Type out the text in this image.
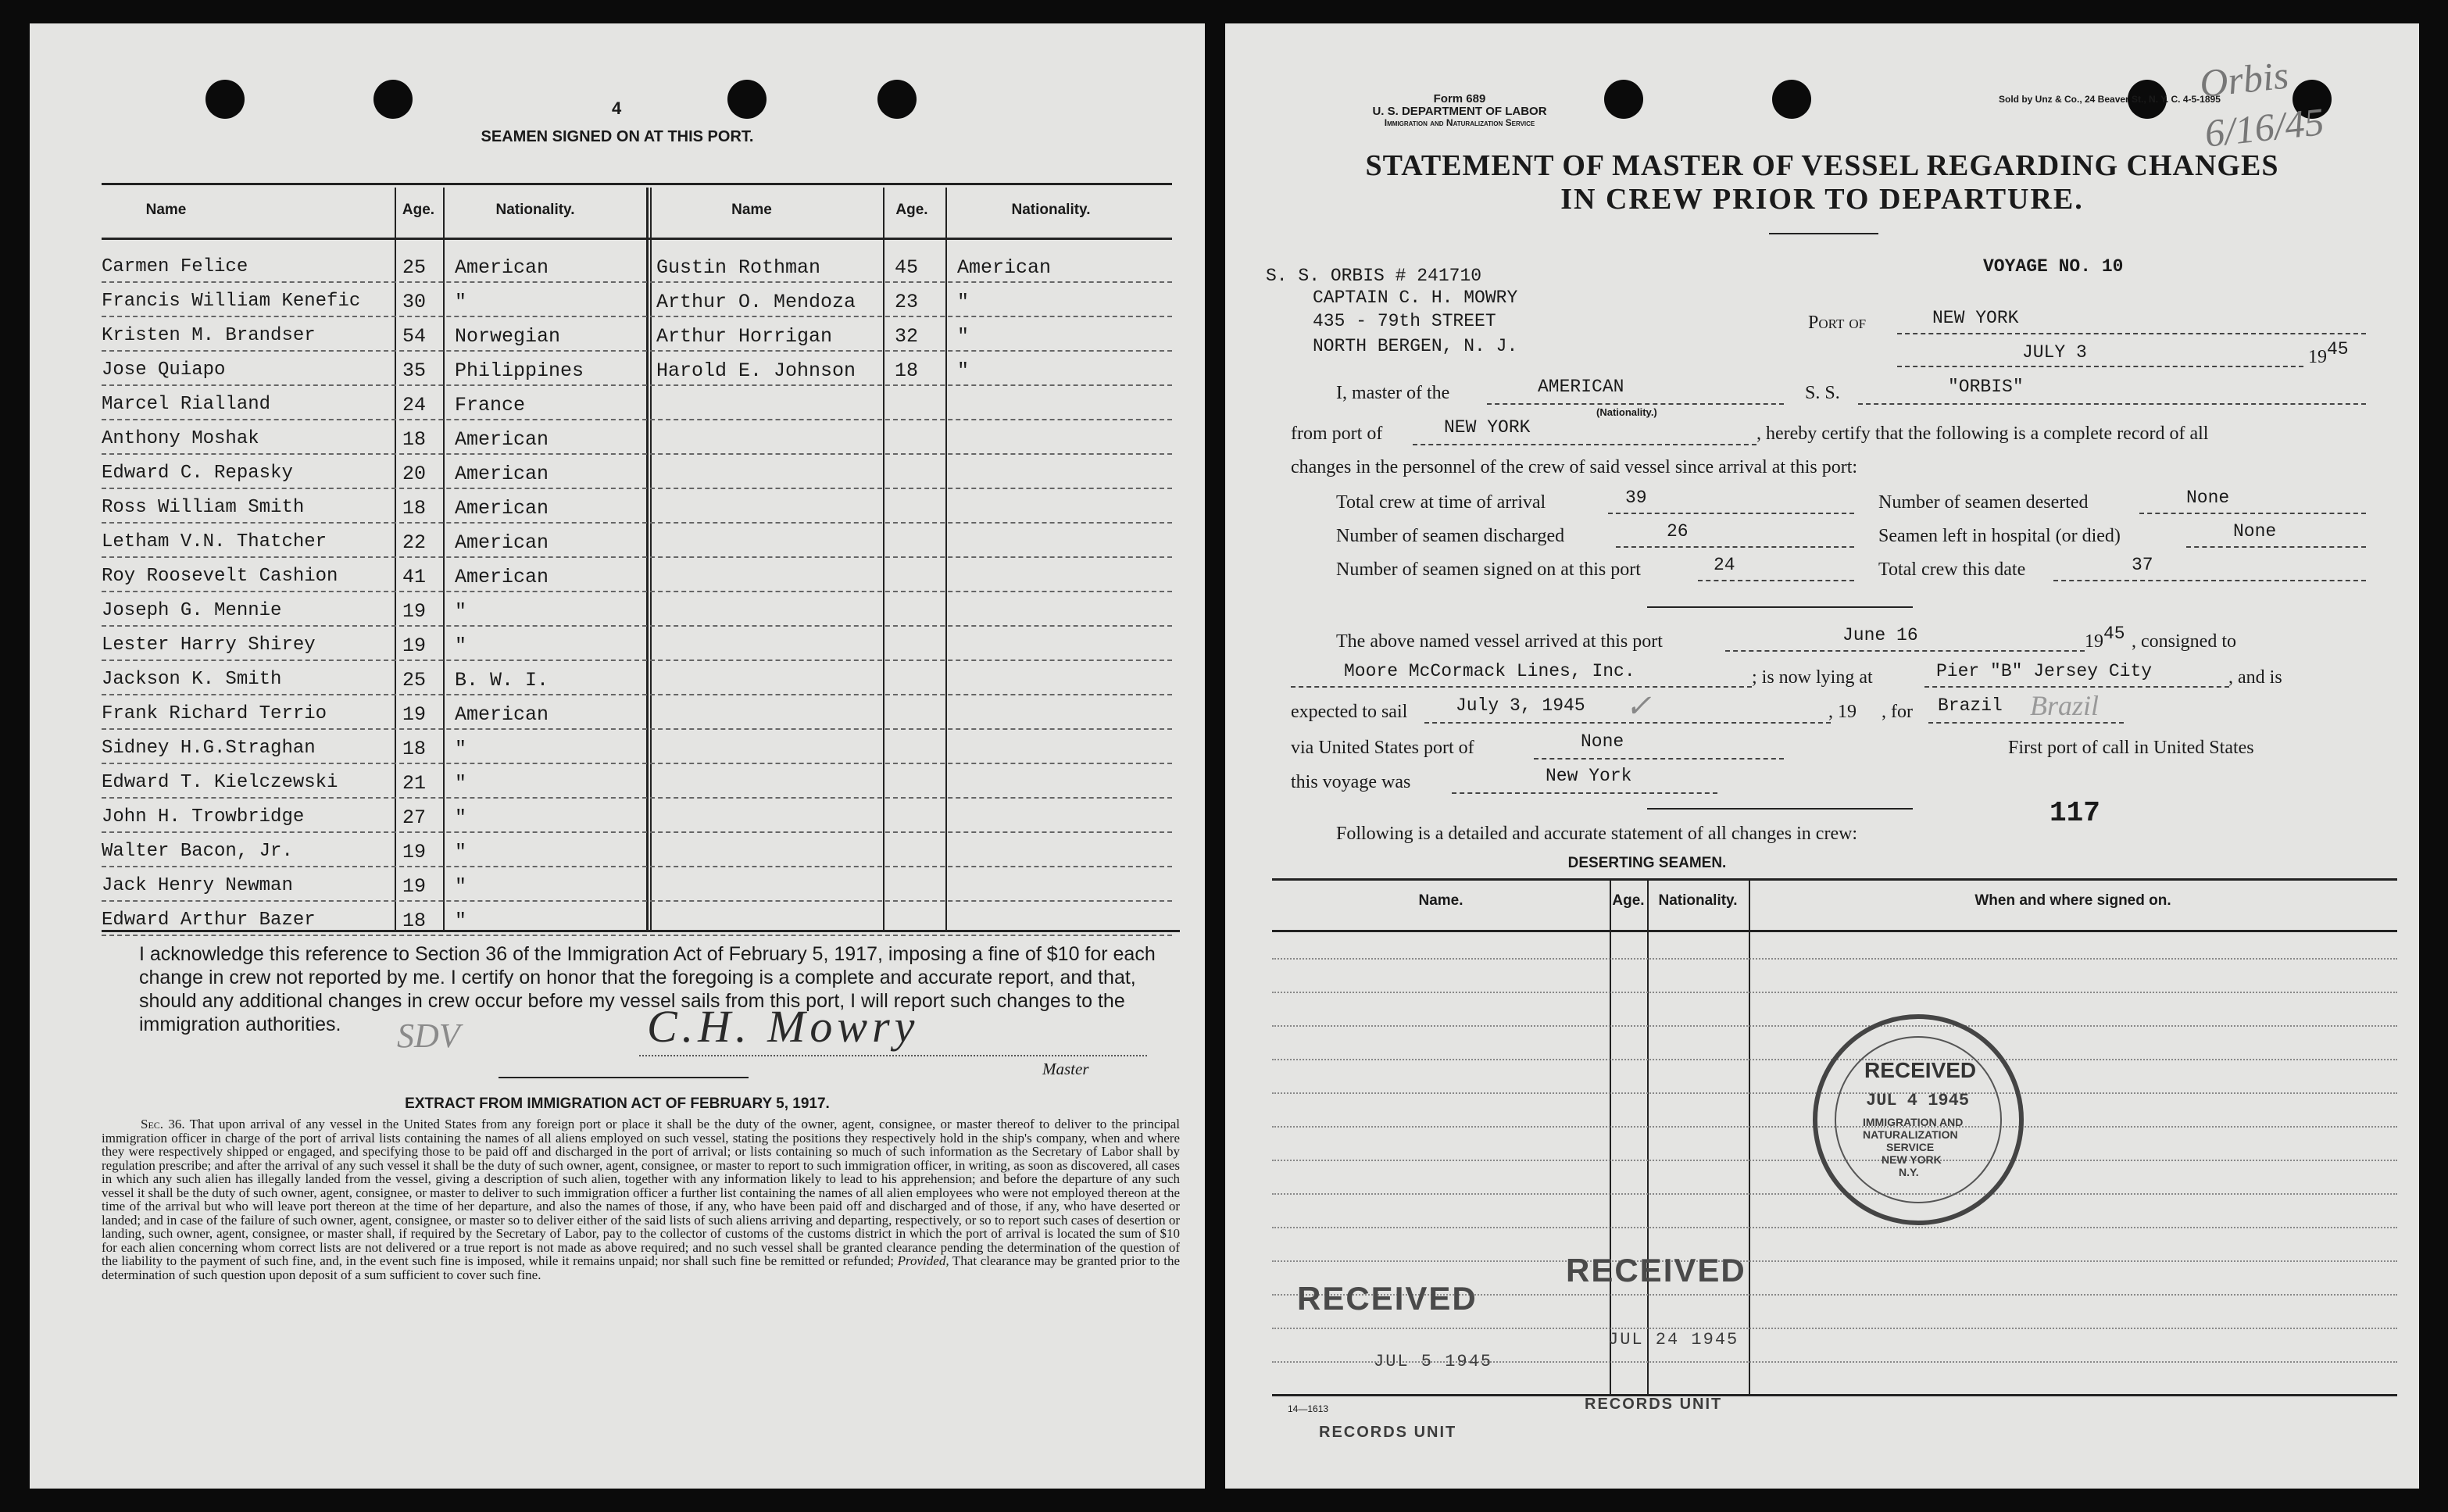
4
SEAMEN SIGNED ON AT THIS PORT.
Name	Age.	Nationality.	Name	Age.	Nationality.
Carmen Felice	25 American	Gustin Rothman	45 American
Francis William Kenefic 30 "	Arthur O. Mendoza 23 "
Kristen M. Brandser	54 Norwegian	Arthur Horrigan	32 "
Jose Quiapo	35 Philippines	Harold E. Johnson 18 "
Marcel Rialland	24 France
Anthony Moshak	18 American
Edward C. Repasky	20 American
Ross William Smith	18 American
Letham V.N. Thatcher	22 American
Roy Roosevelt Cashion	41 American
Joseph G. Mennie	19 "
Lester Harry Shirey	19 "
Jackson K. Smith	25 B. W. I.
Frank Richard Terrio	19 American
Sidney H.G.Straghan	18 "
Edward T. Kielczewski	21 "
John H. Trowbridge	27 "
Walter Bacon, Jr.	19 "
Jack Henry Newman	19 "
Edward Arthur Bazer	18 "
I acknowledge this reference to Section 36 of the Immigration Act of February 5, 1917, imposing a fine of $10 for each change in crew not reported by me. I certify on honor that the foregoing is a complete and accurate report, and that, should any additional changes in crew occur before my vessel sails from this port, I will report such changes to the immigration authorities.	C.H. Mowry
Master
SDV
EXTRACT FROM IMMIGRATION ACT OF FEBRUARY 5, 1917.
Sec. 36. That upon arrival of any vessel in the United States from any foreign port or place it shall be the duty of the owner, agent, consignee, or master thereof to deliver to the principal immigration officer in charge of the port of arrival lists containing the names of all aliens employed on such vessel, stating the positions they respectively hold in the ship's company, when and where they were respectively shipped or engaged, and specifying those to be paid off and discharged in the port of arrival; or lists containing so much of such information as the Secretary of Labor shall by regulation prescribe; and after the arrival of any such vessel it shall be the duty of such owner, agent, consignee, or master to report to such immigration officer, in writing, as soon as discovered, all cases in which any such alien has illegally landed from the vessel, giving a description of such alien, together with any information likely to lead to his apprehension; and before the departure of any such vessel it shall be the duty of such owner, agent, consignee, or master to deliver to such immigration officer a further list containing the names of all alien employees who were not employed thereon at the time of the arrival but who will leave port thereon at the time of her departure, and also the names of those, if any, who have been paid off and discharged and of those, if any, who have deserted or landed; and in case of the failure of such owner, agent, consignee, or master so to deliver either of the said lists of such aliens arriving and departing, respectively, or so to report such cases of desertion or landing, such owner, agent, consignee, or master shall, if required by the Secretary of Labor, pay to the collector of customs of the customs district in which the port of arrival is located the sum of $10 for each alien concerning whom correct lists are not delivered or a true report is not made as above required; and no such vessel shall be granted clearance pending the determination of the question of the liability to the payment of such fine, and, in the event such fine is imposed, while it remains unpaid; nor shall such fine be remitted or refunded; Provided, That clearance may be granted prior to the determination of such question upon deposit of a sum sufficient to cover such fine.
Form 689
U. S. DEPARTMENT OF LABOR
Immigration and Naturalization Service
Sold by Unz & Co., 24 Beaver St., N. Y. C. 4-5-1895
Orbis 6/16/45
STATEMENT OF MASTER OF VESSEL REGARDING CHANGES
IN CREW PRIOR TO DEPARTURE.
S. S. ORBIS # 241710
CAPTAIN C. H. MOWRY
435 - 79th STREET
NORTH BERGEN, N. J.
VOYAGE NO. 10
Port of	NEW YORK
JULY 3	19 45
I, master of the	AMERICAN
(Nationality.)
S. S.	"ORBIS"
from port of	NEW YORK	, hereby certify that the following is a complete record of all
changes in the personnel of the crew of said vessel since arrival at this port:
Total crew at time of arrival	39	Number of seamen deserted	None
Number of seamen discharged	26	Seamen left in hospital (or died)	None
Number of seamen signed on at this port	24	Total crew this date	37
The above named vessel arrived at this port	June 16	19 45 , consigned to
Moore McCormack Lines, Inc.	; is now lying at	Pier "B" Jersey City	, and is
expected to sail	July 3, 1945 ✓	, 19 , for Brazil Brazil
via United States port of	None	First port of call in United States
this voyage was	New York
117
Following is a detailed and accurate statement of all changes in crew:
DESERTING SEAMEN.
Name.	Age. Nationality.	When and where signed on.
14—1613
RECEIVED
JUL 5 1945
RECEIVED
JUL 24 1945
RECORDS UNIT
RECORDS UNIT
RECEIVED
JUL 4 1945
IMMIGRATION AND
NATURALIZATION
SERVICE
NEW YORK
N.Y.
